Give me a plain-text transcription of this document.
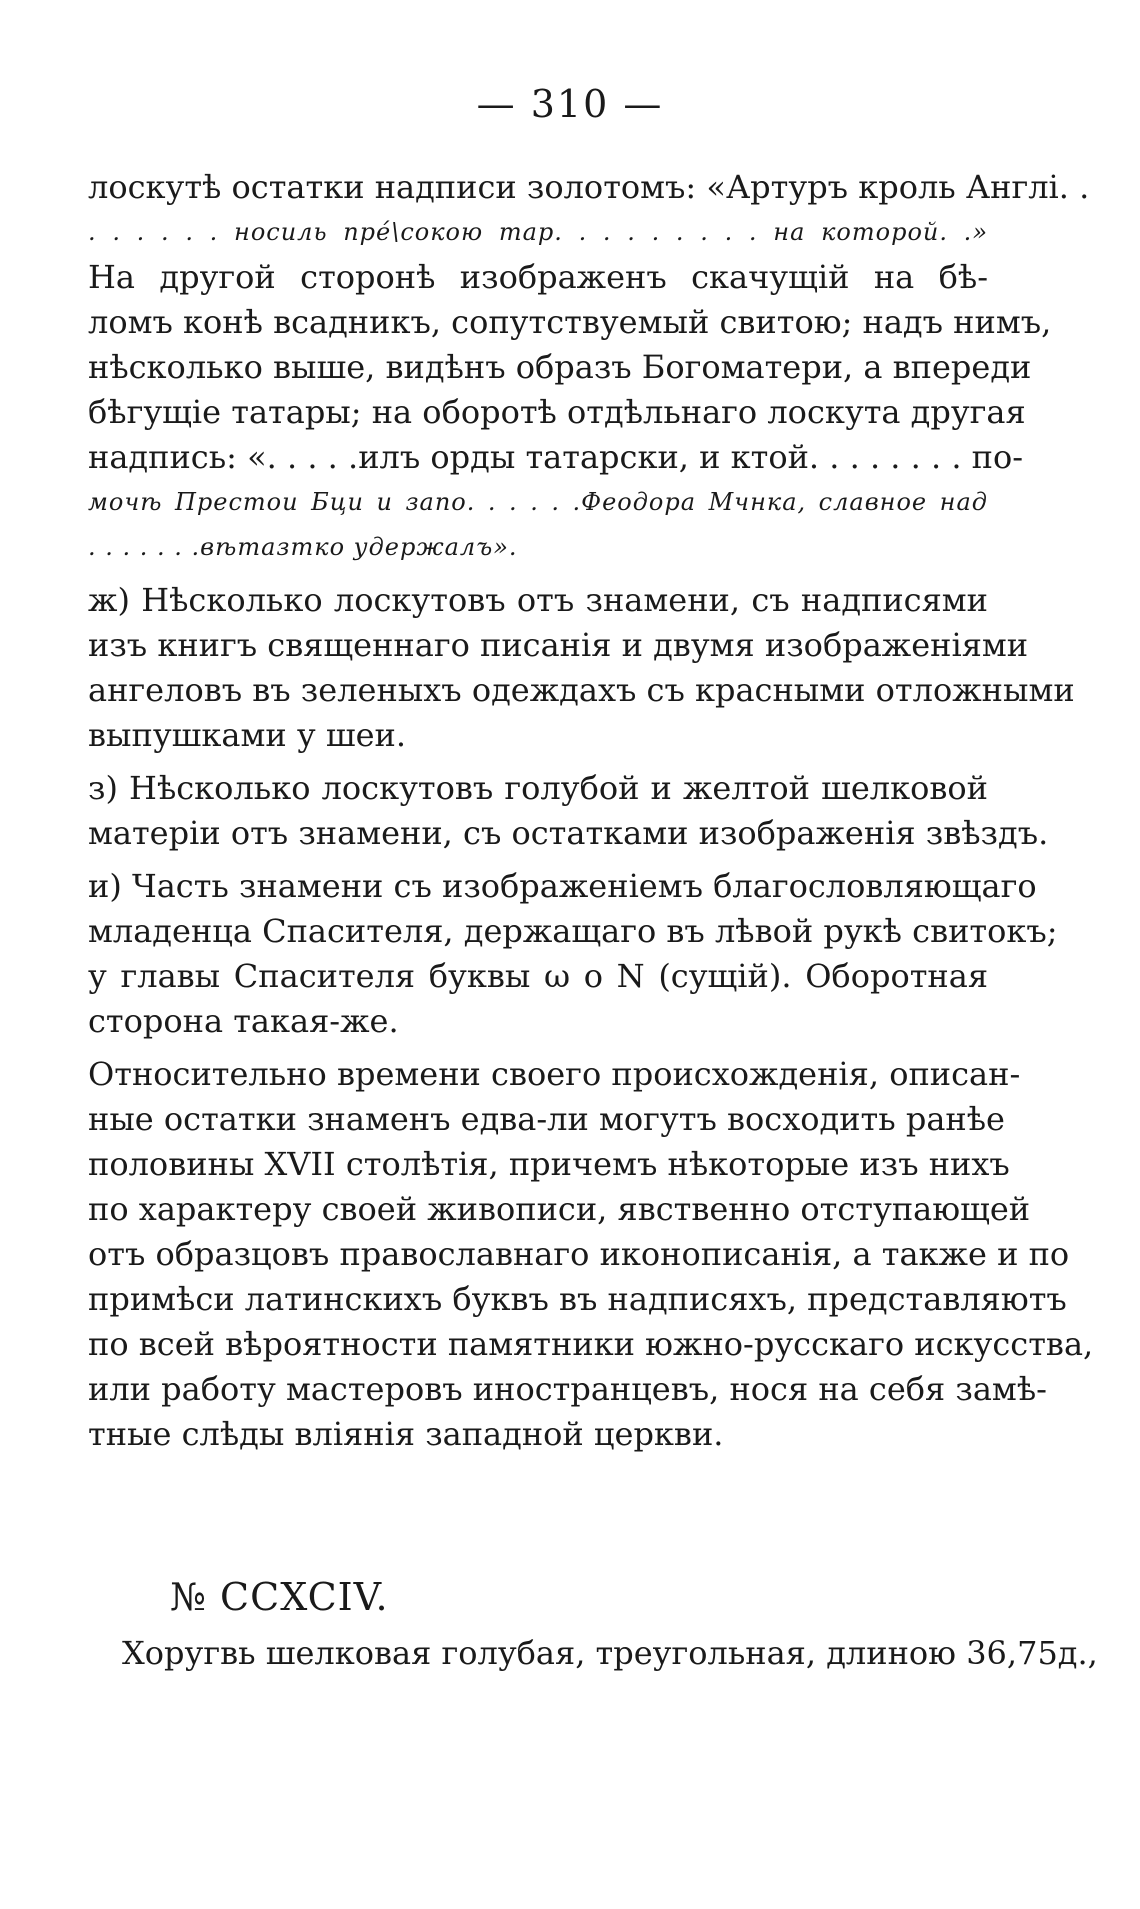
— 310 —
лоскутѣ остатки надписи золотомъ: «Артуръ кроль Англі. .
. . . . . . носиль пре́\сокою тар. . . . . . . . . на которой. .»
На другой сторонѣ изображенъ скачущій на бѣ-
ломъ конѣ всадникъ, сопутствуемый свитою; надъ нимъ,
нѣсколько выше, видѣнъ образъ Богоматери, а впереди
бѣгущіе татары; на оборотѣ отдѣльнаго лоскута другая
надпись: «. . . . .илъ орды татарски, и ктой. . . . . . . . по-
мочѣ Престои Бци и запо. . . . . .Феодора Мчнка, славное над
. . . . . . .вѣтазтко удержалъ».
ж) Нѣсколько лоскутовъ отъ знамени, съ надписями
изъ книгъ священнаго писанія и двумя изображеніями
ангеловъ въ зеленыхъ одеждахъ съ красными отложными
выпушками у шеи.
з) Нѣсколько лоскутовъ голубой и желтой шелковой
матеріи отъ знамени, съ остатками изображенія звѣздъ.
и) Часть знамени съ изображеніемъ благословляющаго
младенца Спасителя, держащаго въ лѣвой рукѣ свитокъ;
у главы Спасителя буквы ω о N (сущій). Оборотная
сторона такая-же.
Относительно времени своего происхожденія, описан-
ные остатки знаменъ едва-ли могутъ восходить ранѣе
половины XVII столѣтія, причемъ нѣкоторые изъ нихъ
по характеру своей живописи, явственно отступающей
отъ образцовъ православнаго иконописанія, а также и по
примѣси латинскихъ буквъ въ надписяхъ, представляютъ
по всей вѣроятности памятники южно-русскаго искусства,
или работу мастеровъ иностранцевъ, нося на себя замѣ-
тные слѣды вліянія западной церкви.
№ CCXCIV.
Хоругвь шелковая голубая, треугольная, длиною 36,75д.,
